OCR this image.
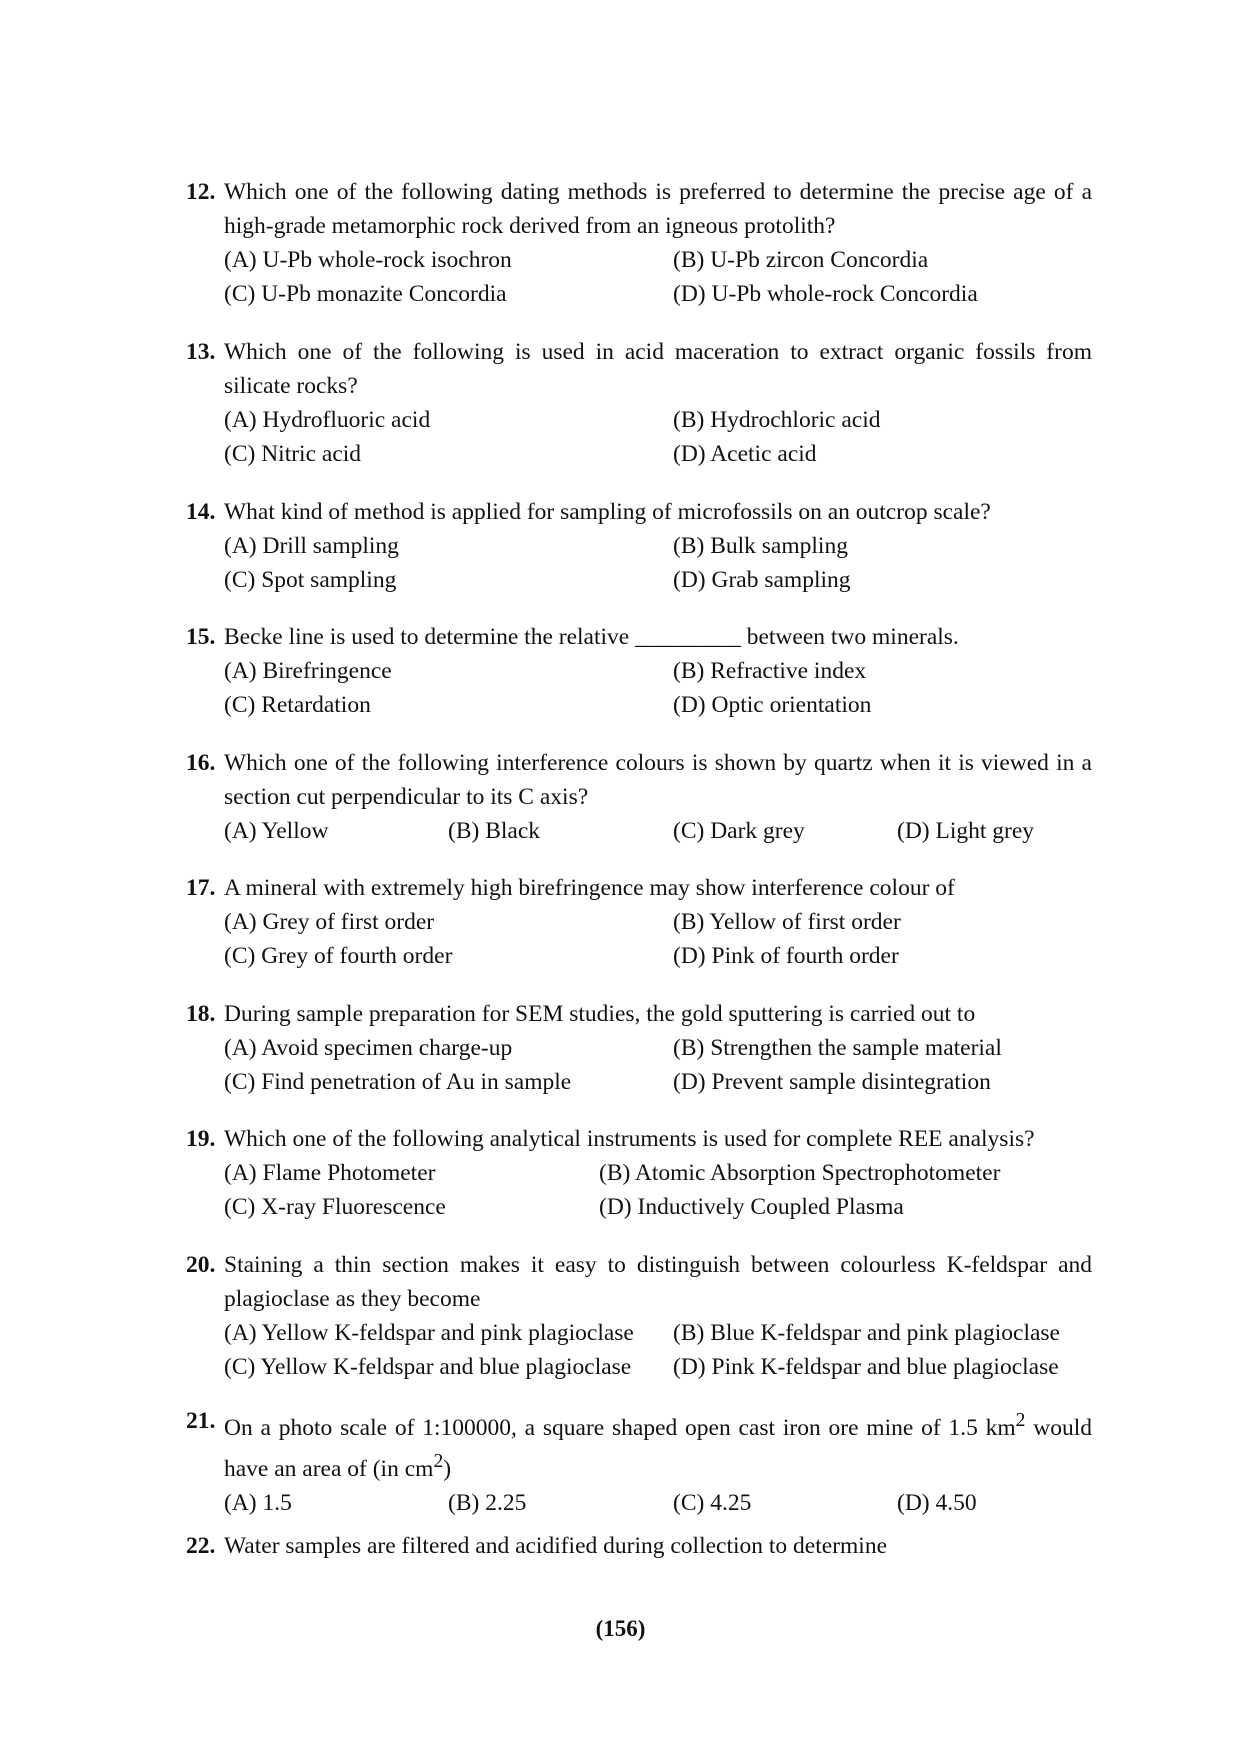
12. Which one of the following dating methods is preferred to determine the precise age of a high-grade metamorphic rock derived from an igneous protolith?
(A) U-Pb whole-rock isochron	(B) U-Pb zircon Concordia
(C) U-Pb monazite Concordia	(D) U-Pb whole-rock Concordia
13. Which one of the following is used in acid maceration to extract organic fossils from silicate rocks?
(A) Hydrofluoric acid	(B) Hydrochloric acid
(C) Nitric acid	(D) Acetic acid
14. What kind of method is applied for sampling of microfossils on an outcrop scale?
(A) Drill sampling	(B) Bulk sampling
(C) Spot sampling	(D) Grab sampling
15. Becke line is used to determine the relative _________ between two minerals.
(A) Birefringence	(B) Refractive index
(C) Retardation	(D) Optic orientation
16. Which one of the following interference colours is shown by quartz when it is viewed in a section cut perpendicular to its C axis?
(A) Yellow	(B) Black	(C) Dark grey	(D) Light grey
17. A mineral with extremely high birefringence may show interference colour of
(A) Grey of first order	(B) Yellow of first order
(C) Grey of fourth order	(D) Pink of fourth order
18. During sample preparation for SEM studies, the gold sputtering is carried out to
(A) Avoid specimen charge-up	(B) Strengthen the sample material
(C) Find penetration of Au in sample	(D) Prevent sample disintegration
19. Which one of the following analytical instruments is used for complete REE analysis?
(A) Flame Photometer	(B) Atomic Absorption Spectrophotometer
(C) X-ray Fluorescence	(D) Inductively Coupled Plasma
20. Staining a thin section makes it easy to distinguish between colourless K-feldspar and plagioclase as they become
(A) Yellow K-feldspar and pink plagioclase (B) Blue K-feldspar and pink plagioclase
(C) Yellow K-feldspar and blue plagioclase (D) Pink K-feldspar and blue plagioclase
21. On a photo scale of 1:100000, a square shaped open cast iron ore mine of 1.5 $km^2$ would have an area of (in $cm^2$)
(A) 1.5	(B) 2.25	(C) 4.25	(D) 4.50
22. Water samples are filtered and acidified during collection to determine
(156)
